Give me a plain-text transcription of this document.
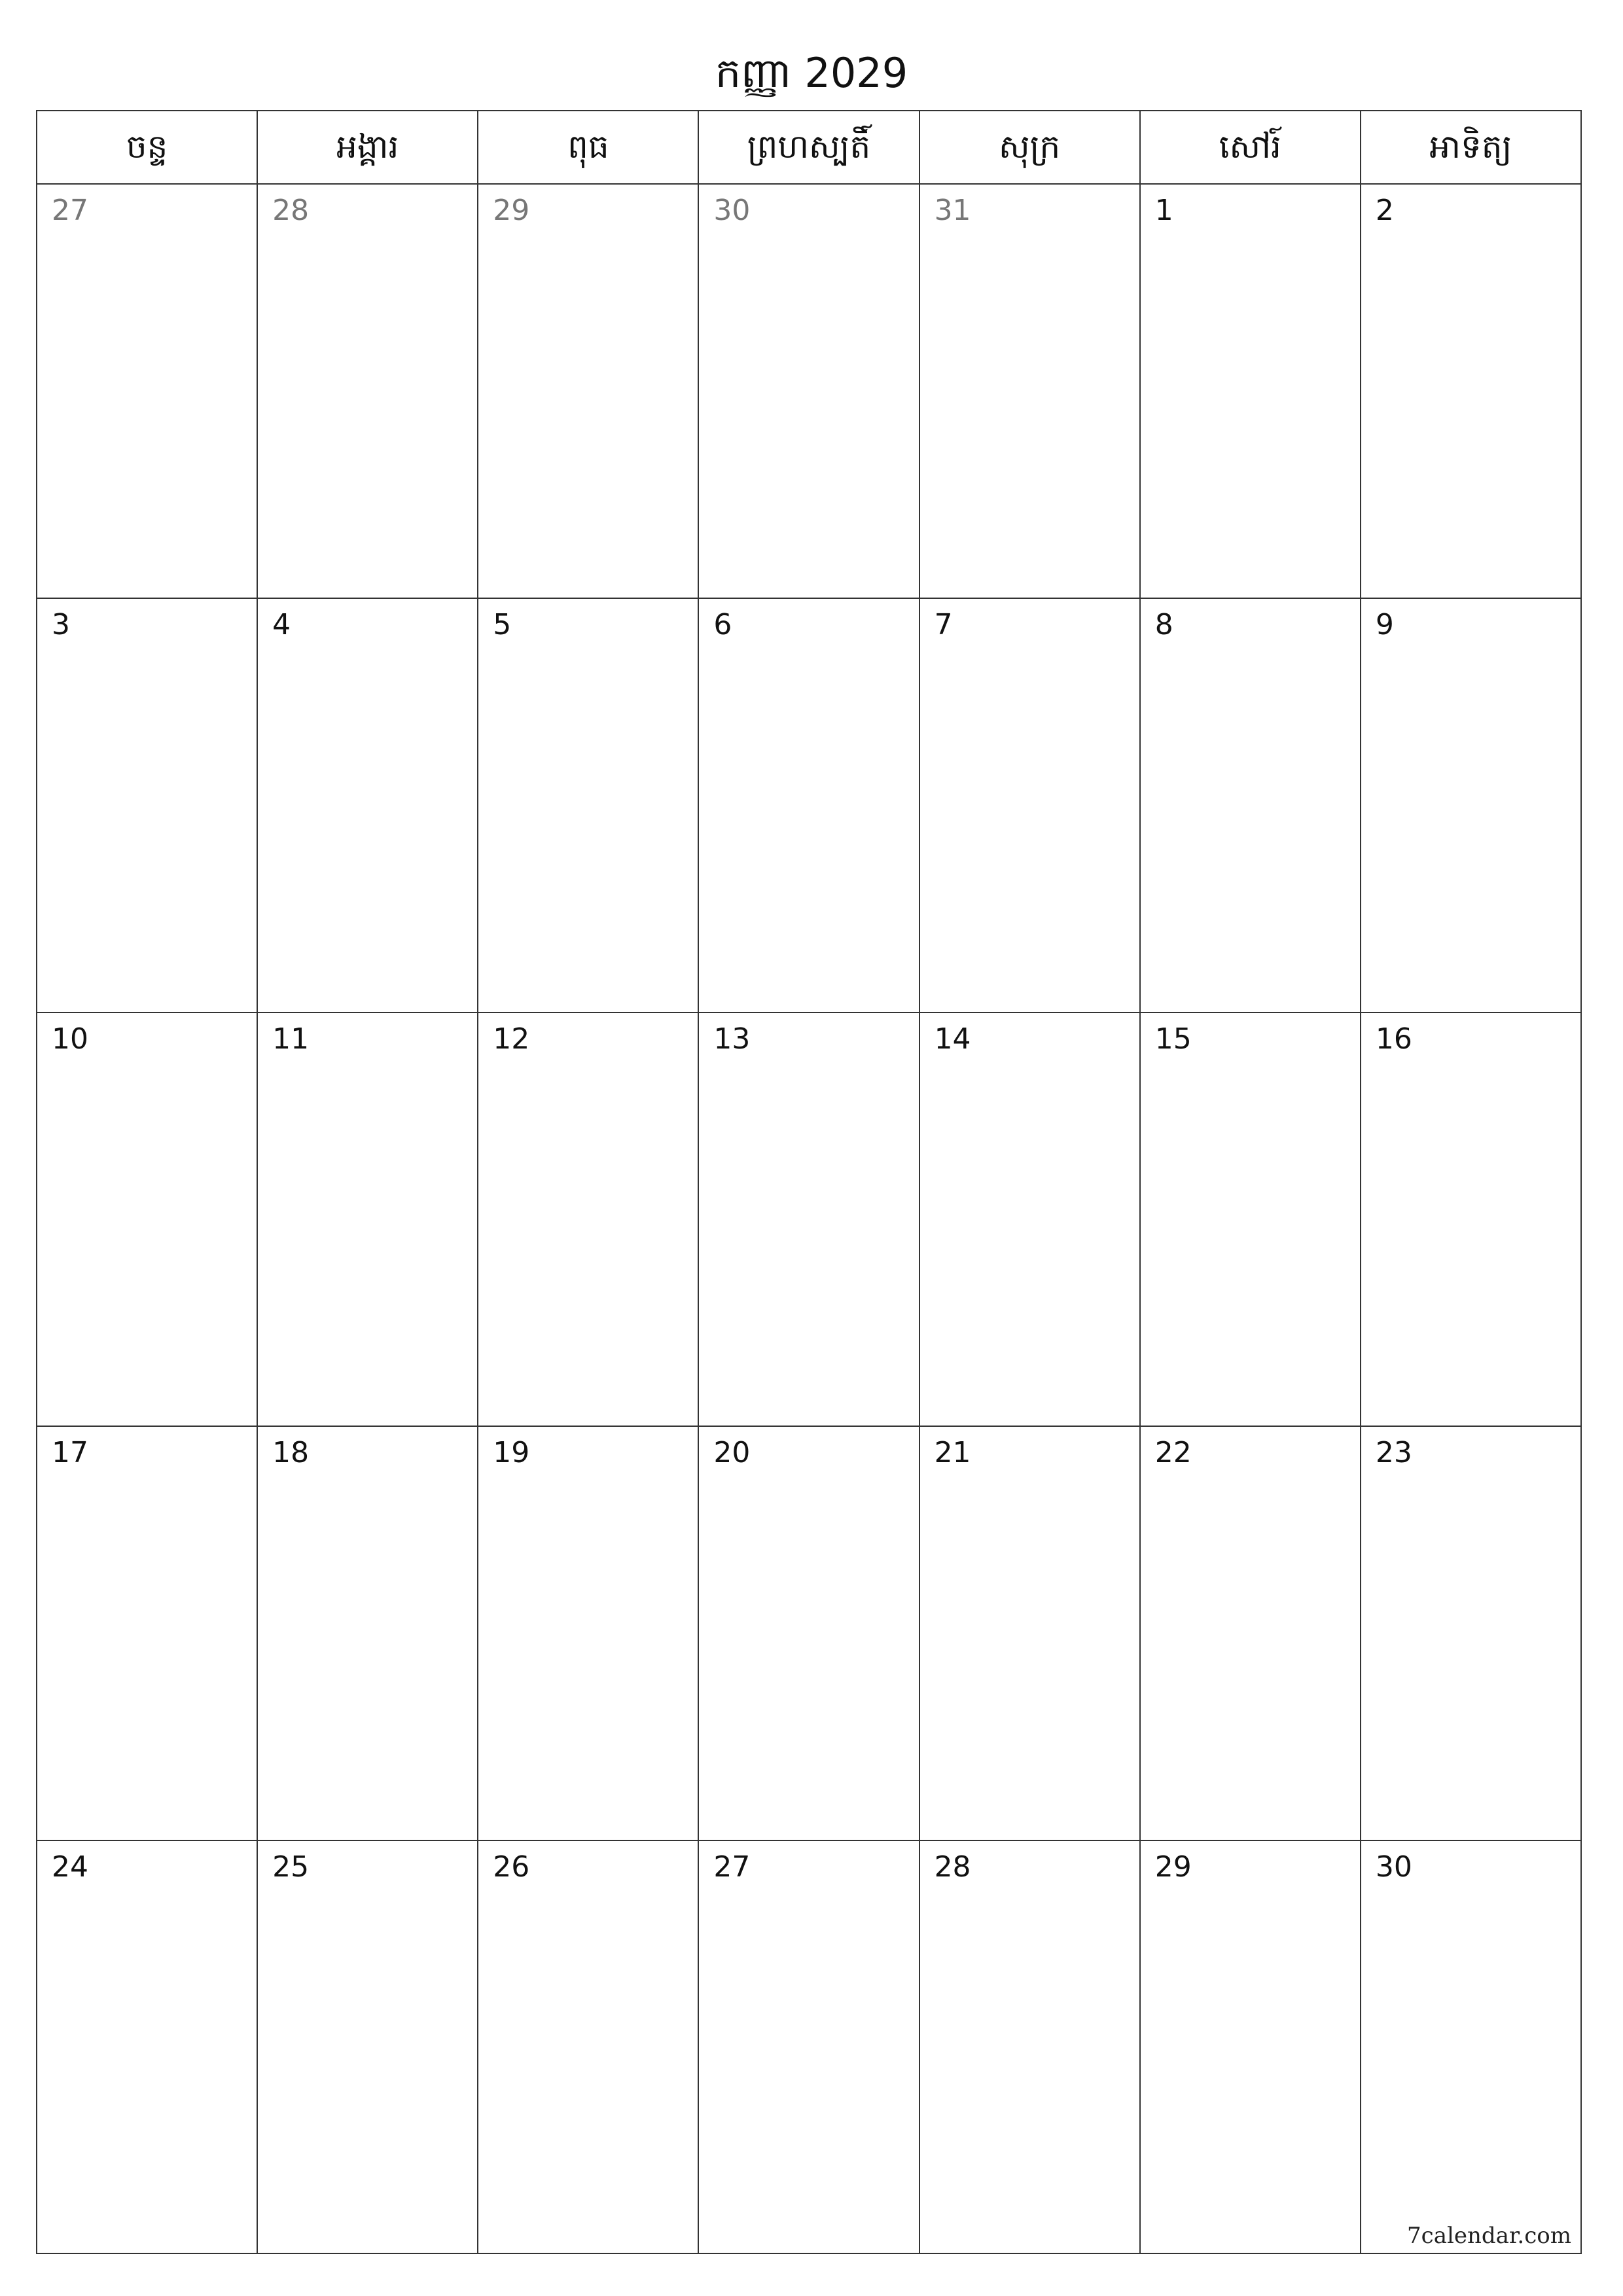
កញ្ញា 2029
ចន្ទ	អង្គារ	ពុធ	ព្រហស្បតិ៍	សុក្រ	សៅរ៍	អាទិត្យ
27	28	29	30	31	1	2
3	4	5	6	7	8	9
10	11	12	13	14	15	16
17	18	19	20	21	22	23
24	25	26	27	28	29	30
7calendar.com
